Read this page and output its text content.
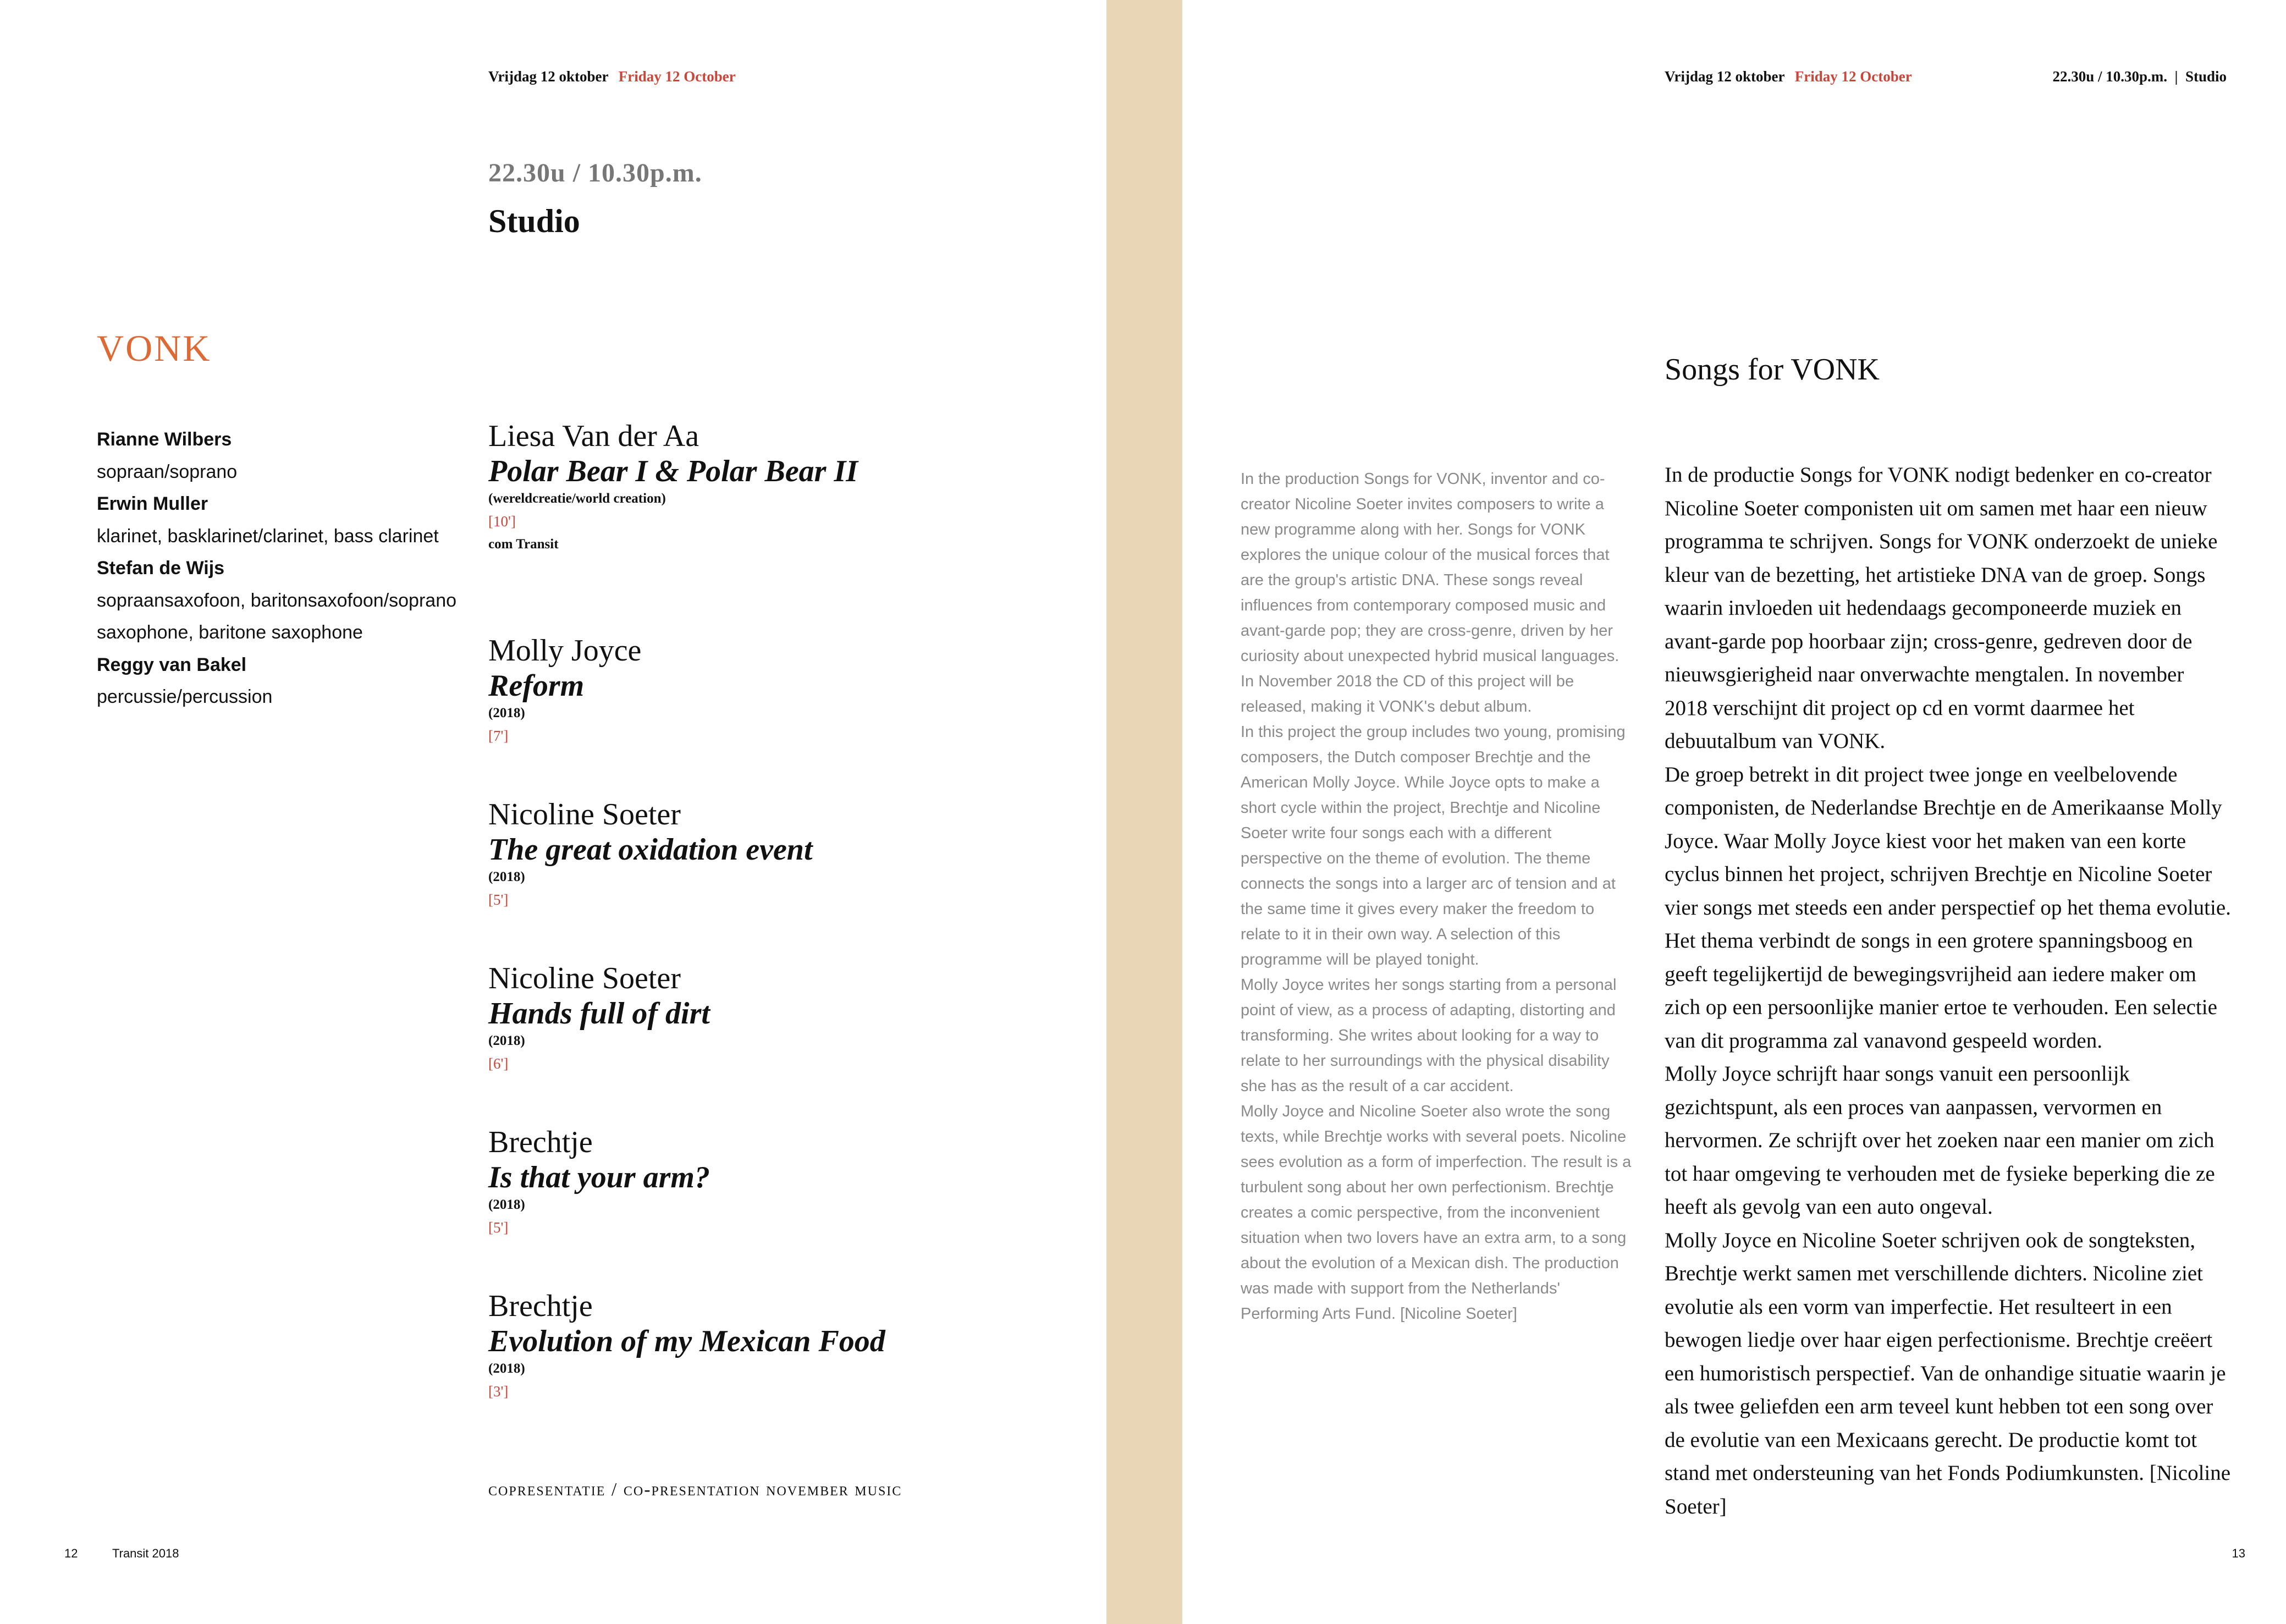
Vrijdag 12 oktober Friday 12 October
22.30u / 10.30p.m.
Studio
VONK
Rianne Wilbers
sopraan/soprano
Erwin Muller
klarinet, basklarinet/clarinet, bass clarinet
Stefan de Wijs
sopraansaxofoon, baritonsaxofoon/soprano saxophone, baritone saxophone
Reggy van Bakel
percussie/percussion
Liesa Van der Aa
Polar Bear I & Polar Bear II
(wereldcreatie/world creation)
[10']
com Transit
Molly Joyce
Reform
(2018)
[7']
Nicoline Soeter
The great oxidation event
(2018)
[5']
Nicoline Soeter
Hands full of dirt
(2018)
[6']
Brechtje
Is that your arm?
(2018)
[5']
Brechtje
Evolution of my Mexican Food
(2018)
[3']
copresentatie / co-presentation november music
12	Transit 2018
Vrijdag 12 oktober Friday 12 October	22.30u / 10.30p.m.  |  Studio
Songs for VONK

In the production Songs for VONK, inventor and co-creator Nicoline Soeter invites composers to write a new programme along with her. Songs for VONK explores the unique colour of the musical forces that are the group's artistic DNA. These songs reveal influences from contemporary composed music and avant-garde pop; they are cross-genre, driven by her curiosity about unexpected hybrid musical languages. In November 2018 the CD of this project will be released, making it VONK's debut album.

In this project the group includes two young, promising composers, the Dutch composer Brechtje and the American Molly Joyce. While Joyce opts to make a short cycle within the project, Brechtje and Nicoline Soeter write four songs each with a different perspective on the theme of evolution. The theme connects the songs into a larger arc of tension and at the same time it gives every maker the freedom to relate to it in their own way. A selection of this programme will be played tonight.

Molly Joyce writes her songs starting from a personal point of view, as a process of adapting, distorting and transforming. She writes about looking for a way to relate to her surroundings with the physical disability she has as the result of a car accident.

Molly Joyce and Nicoline Soeter also wrote the song texts, while Brechtje works with several poets. Nicoline sees evolution as a form of imperfection. The result is a turbulent song about her own perfectionism. Brechtje creates a comic perspective, from the inconvenient situation when two lovers have an extra arm, to a song about the evolution of a Mexican dish. The production was made with support from the Netherlands' Performing Arts Fund. [Nicoline Soeter]

In de productie Songs for VONK nodigt bedenker en co-creator Nicoline Soeter componisten uit om samen met haar een nieuw programma te schrijven. Songs for VONK onderzoekt de unieke kleur van de bezetting, het artistieke DNA van de groep. Songs waarin invloeden uit hedendaags gecomponeerde muziek en avant-garde pop hoorbaar zijn; cross-genre, gedreven door de nieuwsgierigheid naar onverwachte mengtalen. In november 2018 verschijnt dit project op cd en vormt daarmee het debuutalbum van VONK.

De groep betrekt in dit project twee jonge en veelbelovende componisten, de Nederlandse Brechtje en de Amerikaanse Molly Joyce. Waar Molly Joyce kiest voor het maken van een korte cyclus binnen het project, schrijven Brechtje en Nicoline Soeter vier songs met steeds een ander perspectief op het thema evolutie. Het thema verbindt de songs in een grotere spanningsboog en geeft tegelijkertijd de bewegingsvrijheid aan iedere maker om zich op een persoonlijke manier ertoe te verhouden. Een selectie van dit programma zal vanavond gespeeld worden.

Molly Joyce schrijft haar songs vanuit een persoonlijk gezichtspunt, als een proces van aanpassen, vervormen en hervormen. Ze schrijft over het zoeken naar een manier om zich tot haar omgeving te verhouden met de fysieke beperking die ze heeft als gevolg van een auto ongeval.

Molly Joyce en Nicoline Soeter schrijven ook de songteksten, Brechtje werkt samen met verschillende dichters. Nicoline ziet evolutie als een vorm van imperfectie. Het resulteert in een bewogen liedje over haar eigen perfectionisme. Brechtje creëert een humoristisch perspectief. Van de onhandige situatie waarin je als twee geliefden een arm teveel kunt hebben tot een song over de evolutie van een Mexicaans gerecht. De productie komt tot stand met ondersteuning van het Fonds Podiumkunsten. [Nicoline Soeter]

13
